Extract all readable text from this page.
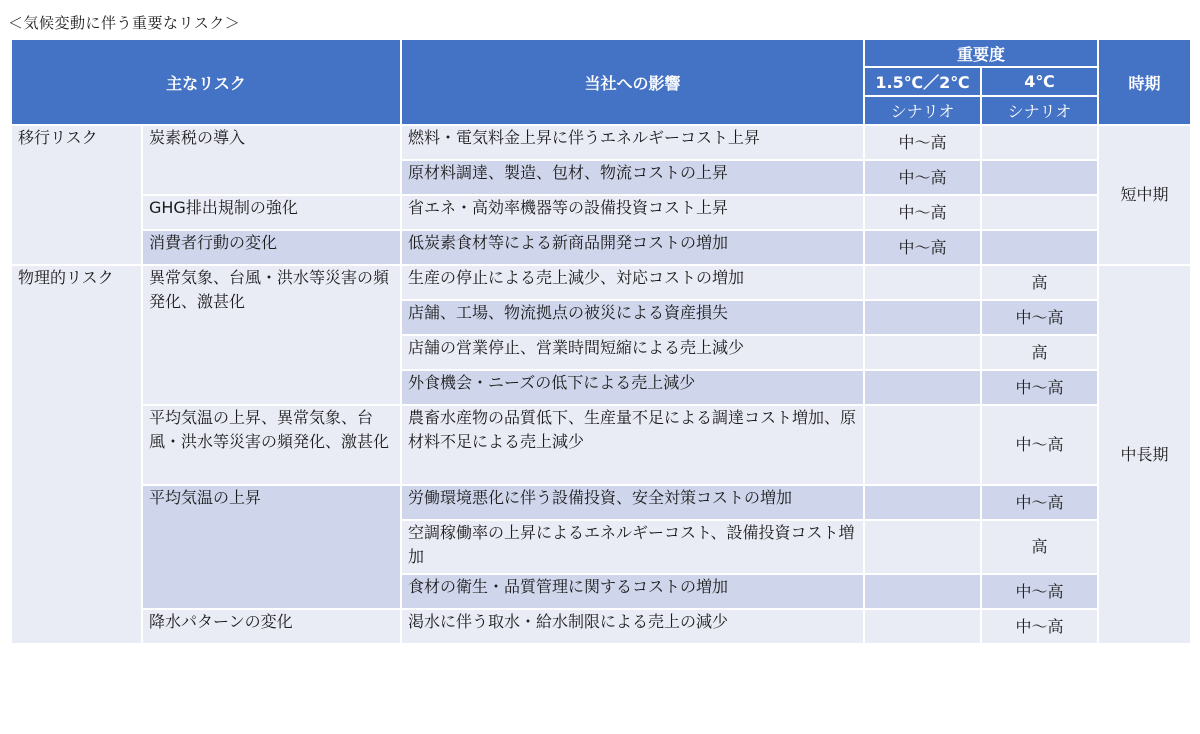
＜気候変動に伴う重要なリスク＞
主なリスク		当社への影響	重要度		時期
			1.5℃／2℃	4℃	
			シナリオ	シナリオ	
移行リスク	炭素税の導入	燃料・電気料金上昇に伴うエネルギーコスト上昇	中～高		短中期
		原材料調達、製造、包材、物流コストの上昇	中～高		
	GHG排出規制の強化	省エネ・高効率機器等の設備投資コスト上昇	中～高		
	消費者行動の変化	低炭素食材等による新商品開発コストの増加	中～高		
物理的リスク	異常気象、台風・洪水等災害の頻発化、激甚化	生産の停止による売上減少、対応コストの増加		高	中長期
		店舗、工場、物流拠点の被災による資産損失		中～高	
		店舗の営業停止、営業時間短縮による売上減少		高	
		外食機会・ニーズの低下による売上減少		中～高	
	平均気温の上昇、異常気象、台風・洪水等災害の頻発化、激甚化	農畜水産物の品質低下、生産量不足による調達コスト増加、原材料不足による売上減少		中～高	
	平均気温の上昇	労働環境悪化に伴う設備投資、安全対策コストの増加		中～高	
		空調稼働率の上昇によるエネルギーコスト、設備投資コスト増加		高	
		食材の衛生・品質管理に関するコストの増加		中～高	
	降水パターンの変化	渇水に伴う取水・給水制限による売上の減少		中～高	
